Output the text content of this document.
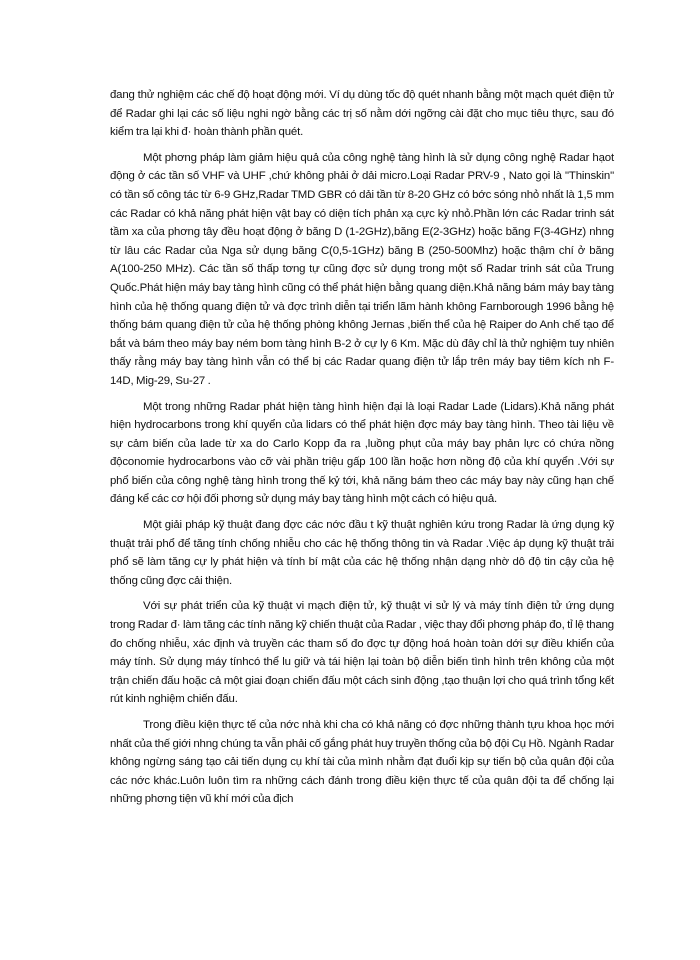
đang thử nghiệm các chế độ hoạt động mới. Ví dụ dùng tốc độ quét nhanh bằng một mạch quét điện tử để Radar ghi lại các số liệu nghi ngờ bằng các trị số nằm dới ngỡng cài đặt cho mục tiêu thực, sau đó kiểm tra lại khi đ· hoàn thành phần quét.

Một phơng pháp làm giảm hiệu quả của công nghệ tàng hình là sử dụng công nghệ Radar hạot động ở các tần số VHF và UHF ,chứ không phải ở dải micro.Loại Radar PRV-9 , Nato gọi là "Thinskin" có tần số công tác từ 6-9 GHz,Radar TMD GBR có dải tần từ 8-20 GHz có bớc sóng nhỏ nhất là 1,5 mm các Radar có khả năng phát hiện vật bay có diện tích phản xạ cực kỳ nhỏ.Phần lớn các Radar trinh sát tầm xa của phơng tây đều hoạt động ở băng D (1-2GHz),băng E(2-3GHz) hoặc băng F(3-4GHz) nhng từ lâu các Radar của Nga sử dụng băng C(0,5-1GHz) băng B (250-500Mhz) hoặc thậm chí ở băng A(100-250 MHz). Các tần số thấp tơng tự cũng đợc sử dụng trong một số Radar trinh sát của Trung Quốc.Phát hiện máy bay tàng hình cũng có thể phát hiện bằng quang diện.Khả năng bám máy bay tàng hình của hệ thống quang điện tử và đợc trình diễn tại triển lãm hành không Farnborough 1996 bằng hệ thống bám quang điện tử của hệ thống phòng không Jernas ,biến thể của hệ Raiper do Anh chế tạo để bắt và bám theo máy bay ném bom tàng hình B-2 ở cự ly 6 Km. Mặc dù đây chỉ là thử nghiệm tuy nhiên thấy rằng máy bay tàng hình vẫn có thể bị các Radar quang điện tử lắp trên máy bay tiêm kích nh F-14D, Mig-29, Su-27 .

Một trong những Radar phát hiện tàng hình hiện đại là loại Radar Lade (Lidars).Khả năng phát hiện hydrocarbons trong khí quyển của lidars có thể phát hiện đợc máy bay tàng hình. Theo tài liệu về sự cảm biến của lade từ xa do Carlo Kopp đa ra ,luồng phụt của máy bay phản lực có chứa nồng độconomie hydrocarbons vào cỡ vài phần triệu gấp 100 lần hoặc hơn nồng độ của khí quyển .Với sự phổ biến của công nghệ tàng hình trong thế kỷ tới, khả năng bám theo các máy bay này cũng hạn chế đáng kể các cơ hội đối phơng sử dụng máy bay tàng hình một cách có hiệu quả.

Một giải pháp kỹ thuật đang đợc các nớc đầu t kỹ thuật nghiên kứu trong Radar là ứng dụng kỹ thuật trải phổ để tăng tính chống nhiễu cho các hệ thống thông tin và Radar .Việc áp dụng kỹ thuật trải phổ sẽ làm tăng cự ly phát hiện và tính bí mật của các hệ thống nhận dạng nhờ dô độ tin cậy của hệ thống cũng đợc cải thiện.

Với sự phát triển của kỹ thuật vi mạch điện tử, kỹ thuật vi sử lý và máy tính điện tử ứng dụng trong Radar đ· làm tăng các tính năng kỹ chiến thuật của Radar , việc thay đổi phơng pháp đo, tỉ lệ thang đo chống nhiễu, xác định và truyền các tham số đo đợc tự động hoá hoàn toàn dới sự điều khiển của máy tính. Sử dụng máy tínhcó thể lu giữ và tái hiện lại toàn bộ diễn biến tình hình trên không của một trận chiến đấu hoặc cả một giai đoạn chiến đấu một cách sinh động ,tạo thuận lợi cho quá trình tổng kết rút kinh nghiệm chiến đấu.

Trong điều kiện thực tế của nớc nhà khi cha có khả năng có đợc những thành tựu khoa học mới nhất của thế giới nhng chúng ta vẫn phải cố gắng phát huy truyền thống của bộ đội Cụ Hồ. Ngành Radar không ngừng sáng tạo cải tiến dụng cụ khí tài của mình nhằm đạt đuổi kịp sự tiến bộ của quân đội của các nớc khác.Luôn luôn tìm ra những cách đánh trong điều kiện thực tế của quân đội ta để chống lại những phơng tiện vũ khí mới của địch
